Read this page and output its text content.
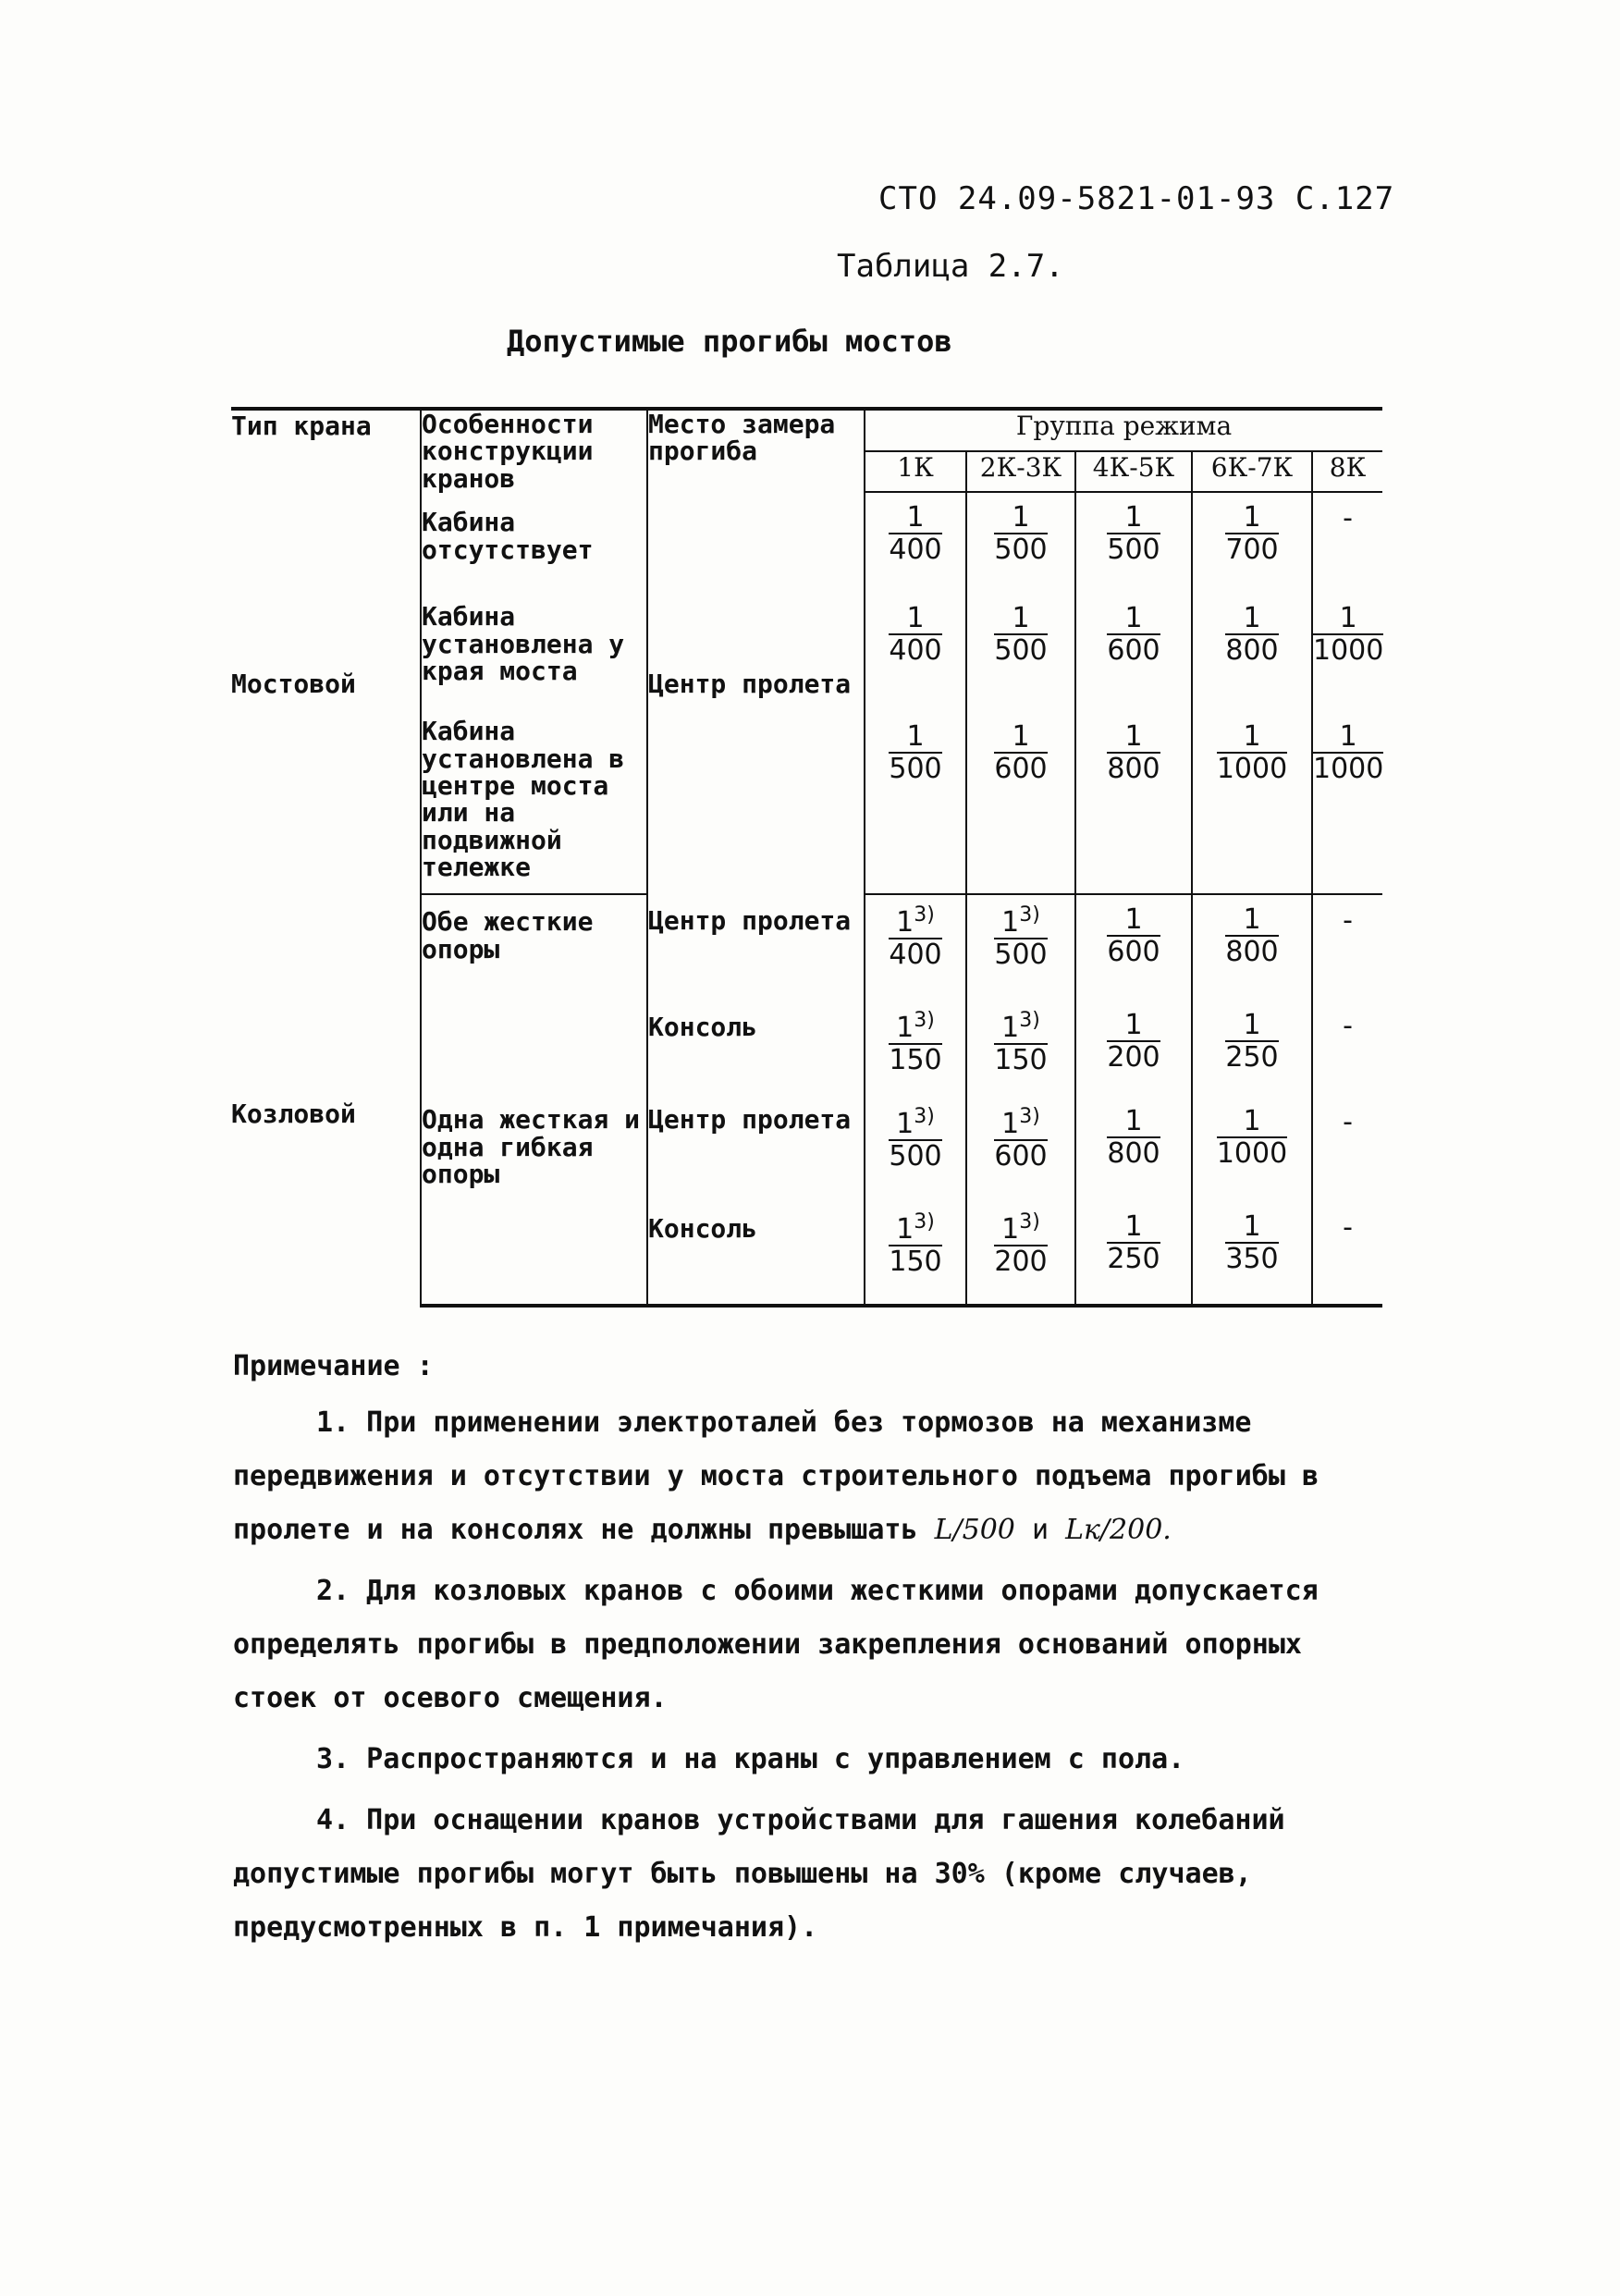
СТО 24.09-5821-01-93 С.127
Таблица 2.7.
Допустимые прогибы мостов
Тип крана	Особенности конструкции кранов	Место замера прогиба	Группа режима				
			1К	2К-3К	4К-5К	6К-7К	8К

Мостовой	Кабина отсутствует	Центр пролета	$\frac{1}{400}$	$\frac{1}{500}$	$\frac{1}{500}$	$\frac{1}{700}$	-
	Кабина установлена у края моста		$\frac{1}{400}$	$\frac{1}{500}$	$\frac{1}{600}$	$\frac{1}{800}$	$\frac{1}{1000}$

	Кабина установлена в центре моста или на подвижной тележке		$\frac{1}{500}$	$\frac{1}{600}$	$\frac{1}{800}$	$\frac{1}{1000}$	$\frac{1}{1000}$

Козловой	Обе жесткие опоры	Центр пролета	$\frac{1^{3)}}{400}$	$\frac{1^{3)}}{500}$	$\frac{1}{600}$	$\frac{1}{800}$	-
		Консоль	$\frac{1^{3)}}{150}$	$\frac{1^{3)}}{150}$	$\frac{1}{200}$	$\frac{1}{250}$	-
	Одна жесткая и одна гибкая опоры	Центр пролета	$\frac{1^{3)}}{500}$	$\frac{1^{3)}}{600}$	$\frac{1}{800}$	$\frac{1}{1000}$	-
		Консоль	$\frac{1^{3)}}{150}$	$\frac{1^{3)}}{200}$	$\frac{1}{250}$	$\frac{1}{350}$	-
Примечание :

1. При применении электроталей без тормозов на механизме передвижения и отсутствии у моста строительного подъема прогибы в пролете и на консолях не должны превышать L/500 и Lк/200.

2. Для козловых кранов с обоими жесткими опорами допускается определять прогибы в предположении закрепления оснований опорных стоек от осевого смещения.

3. Распространяются и на краны с управлением с пола.

4. При оснащении кранов устройствами для гашения колебаний допустимые прогибы могут быть повышены на 30% (кроме случаев, предусмотренных в п. 1 примечания).
